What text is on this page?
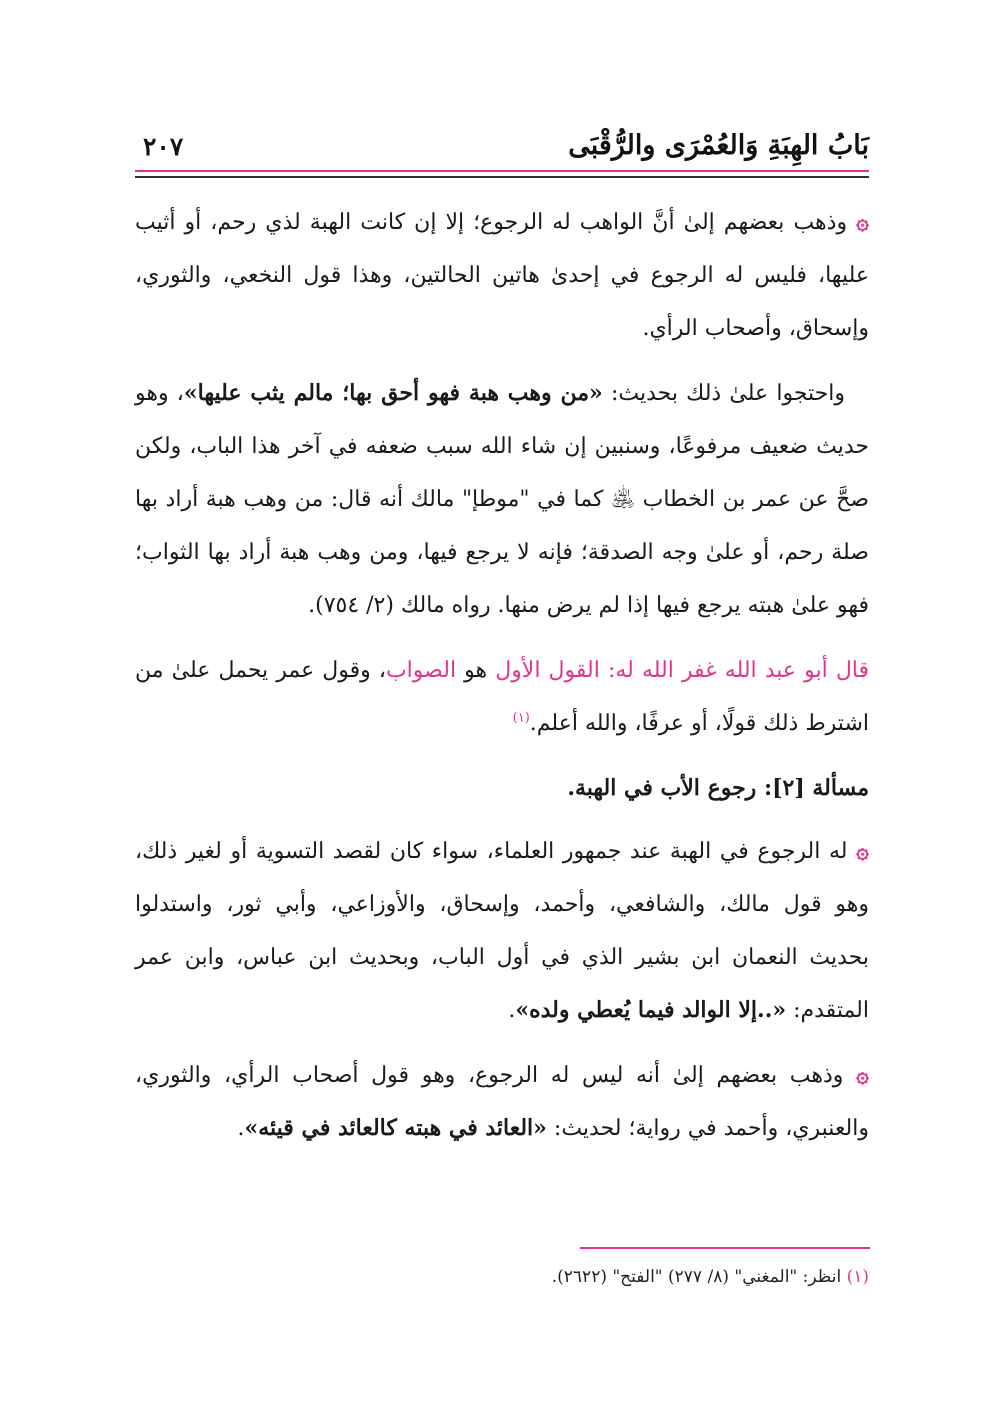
بَابُ الهِبَةِ وَالعُمْرَى والرُّقْبَى
٢٠٧

۞ وذهب بعضهم إلىٰ أنَّ الواهب له الرجوع؛ إلا إن كانت الهبة لذي رحم، أو أثيب عليها، فليس له الرجوع في إحدىٰ هاتين الحالتين، وهذا قول النخعي، والثوري، وإسحاق، وأصحاب الرأي.

واحتجوا علىٰ ذلك بحديث: «من وهب هبة فهو أحق بها؛ مالم يثب عليها»، وهو حديث ضعيف مرفوعًا، وسنبين إن شاء الله سبب ضعفه في آخر هذا الباب، ولكن صحَّ عن عمر بن الخطاب ﵁ كما في "موطإ" مالك أنه قال: من وهب هبة أراد بها صلة رحم، أو علىٰ وجه الصدقة؛ فإنه لا يرجع فيها، ومن وهب هبة أراد بها الثواب؛ فهو علىٰ هبته يرجع فيها إذا لم يرض منها. رواه مالك (٢/ ٧٥٤).

قال أبو عبد الله غفر الله له: القول الأول هو الصواب، وقول عمر يحمل علىٰ من اشترط ذلك قولًا، أو عرفًا، والله أعلم.$^{(١)}$

مسألة [٢]: رجوع الأب في الهبة.

۞ له الرجوع في الهبة عند جمهور العلماء، سواء كان لقصد التسوية أو لغير ذلك، وهو قول مالك، والشافعي، وأحمد، وإسحاق، والأوزاعي، وأبي ثور، واستدلوا بحديث النعمان ابن بشير الذي في أول الباب، وبحديث ابن عباس، وابن عمر المتقدم: «..إلا الوالد فيما يُعطي ولده».

۞ وذهب بعضهم إلىٰ أنه ليس له الرجوع، وهو قول أصحاب الرأي، والثوري، والعنبري، وأحمد في رواية؛ لحديث: «العائد في هبته كالعائد في قيئه».

(١) انظر: "المغني" (٨/ ٢٧٧) "الفتح" (٢٦٢٢).
